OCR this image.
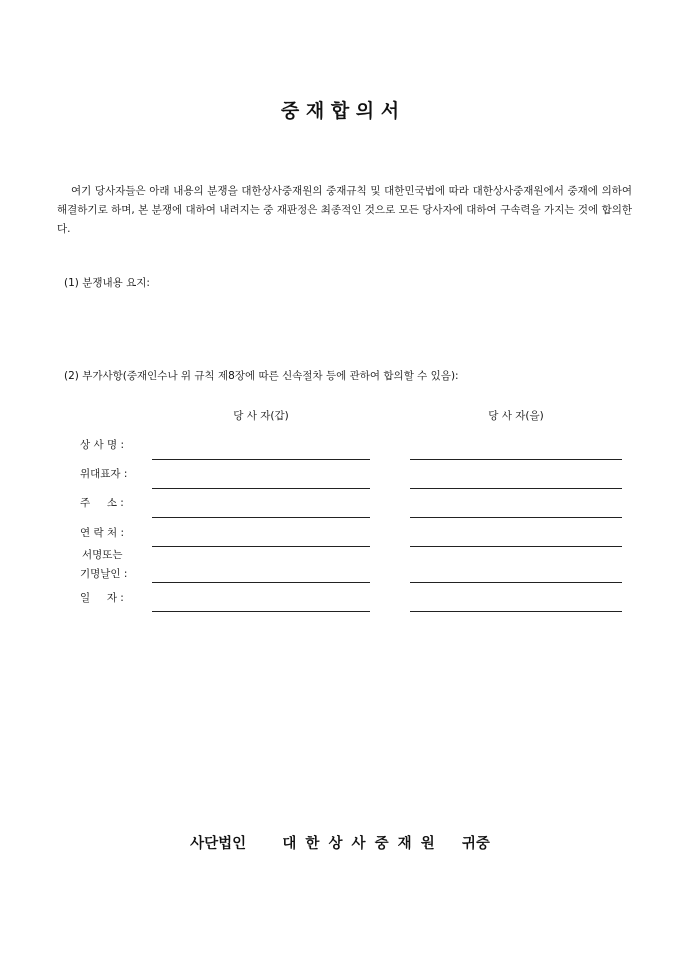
중 재 합 의 서

여기 당사자들은 아래 내용의 분쟁을 대한상사중재원의 중재규칙 및 대한민국법에 따라 대한상사중재원에서 중재에 의하여 해결하기로 하며, 본 분쟁에 대하여 내려지는 중 재판정은 최종적인 것으로 모든 당사자에 대하여 구속력을 가지는 것에 합의한다.

(1) 분쟁내용 요지:

(2) 부가사항(중재인수나 위 규칙 제8장에 따른 신속절차 등에 관하여 합의할 수 있음):

당 사 자(갑)	당 사 자(을)
상 사 명 :
위대표자 :
주     소 :
연 락 처 :
서명또는
기명날인 :
일     자 :
사단법인    대 한 상 사 중 재 원   귀중
